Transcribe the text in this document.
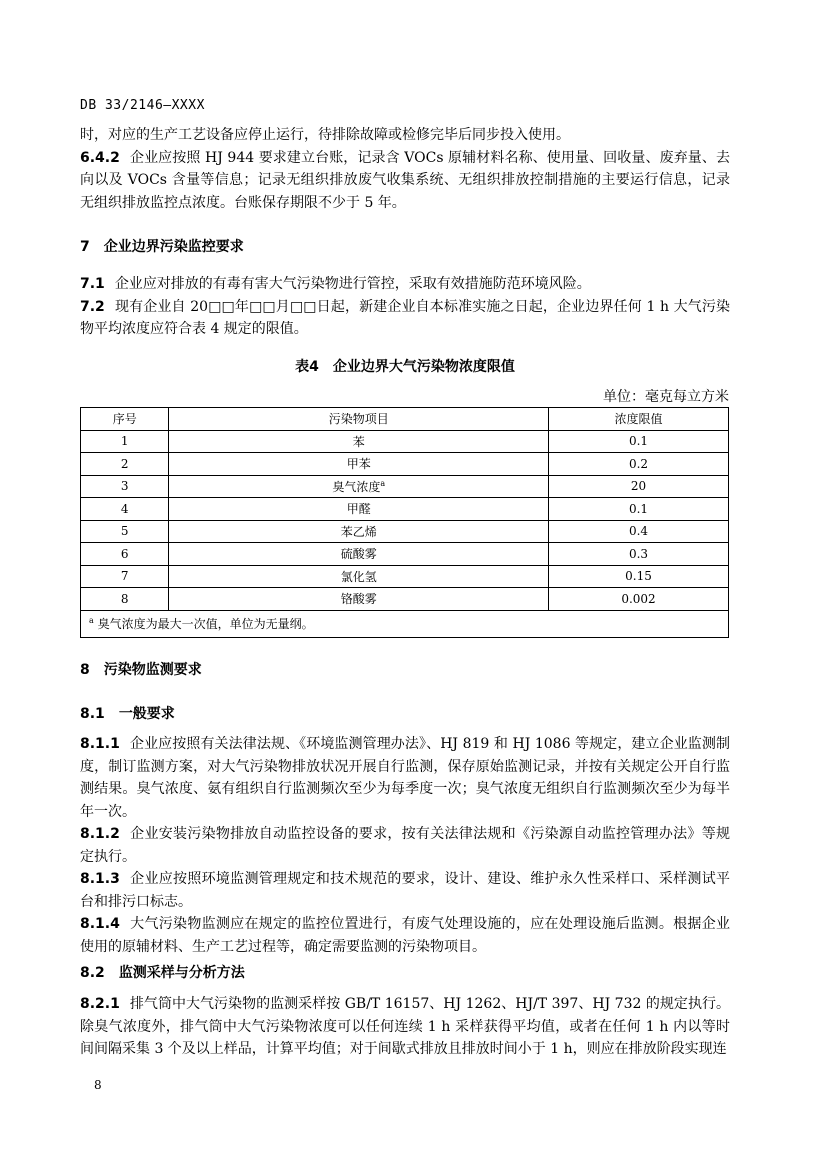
DB 33/2146—XXXX

时，对应的生产工艺设备应停止运行，待排除故障或检修完毕后同步投入使用。

6.4.2 企业应按照 HJ 944 要求建立台账，记录含 VOCs 原辅材料名称、使用量、回收量、废弃量、去向以及 VOCs 含量等信息；记录无组织排放废气收集系统、无组织排放控制措施的主要运行信息，记录无组织排放监控点浓度。台账保存期限不少于 5 年。

7 企业边界污染监控要求

7.1 企业应对排放的有毒有害大气污染物进行管控，采取有效措施防范环境风险。

7.2 现有企业自 20□□年□□月□□日起，新建企业自本标准实施之日起，企业边界任何 1 h 大气污染物平均浓度应符合表 4 规定的限值。

表4　企业边界大气污染物浓度限值
单位：毫克每立方米
序号	污染物项目	浓度限值
1	苯	0.1
2	甲苯	0.2
3	臭气浓度$^a$	20
4	甲醛	0.1
5	苯乙烯	0.4
6	硫酸雾	0.3
7	氯化氢	0.15
8	铬酸雾	0.002
$^a$ 臭气浓度为最大一次值，单位为无量纲。		
8 污染物监测要求
8.1 一般要求

8.1.1 企业应按照有关法律法规、《环境监测管理办法》、HJ 819 和 HJ 1086 等规定，建立企业监测制度，制订监测方案，对大气污染物排放状况开展自行监测，保存原始监测记录，并按有关规定公开自行监测结果。臭气浓度、氨有组织自行监测频次至少为每季度一次；臭气浓度无组织自行监测频次至少为每半年一次。

8.1.2 企业安装污染物排放自动监控设备的要求，按有关法律法规和《污染源自动监控管理办法》等规定执行。

8.1.3 企业应按照环境监测管理规定和技术规范的要求，设计、建设、维护永久性采样口、采样测试平台和排污口标志。

8.1.4 大气污染物监测应在规定的监控位置进行，有废气处理设施的，应在处理设施后监测。根据企业使用的原辅材料、生产工艺过程等，确定需要监测的污染物项目。

8.2 监测采样与分析方法

8.2.1 排气筒中大气污染物的监测采样按 GB/T 16157、HJ 1262、HJ/T 397、HJ 732 的规定执行。除臭气浓度外，排气筒中大气污染物浓度可以任何连续 1 h 采样获得平均值，或者在任何 1 h 内以等时间间隔采集 3 个及以上样品，计算平均值；对于间歇式排放且排放时间小于 1 h，则应在排放阶段实现连

8
